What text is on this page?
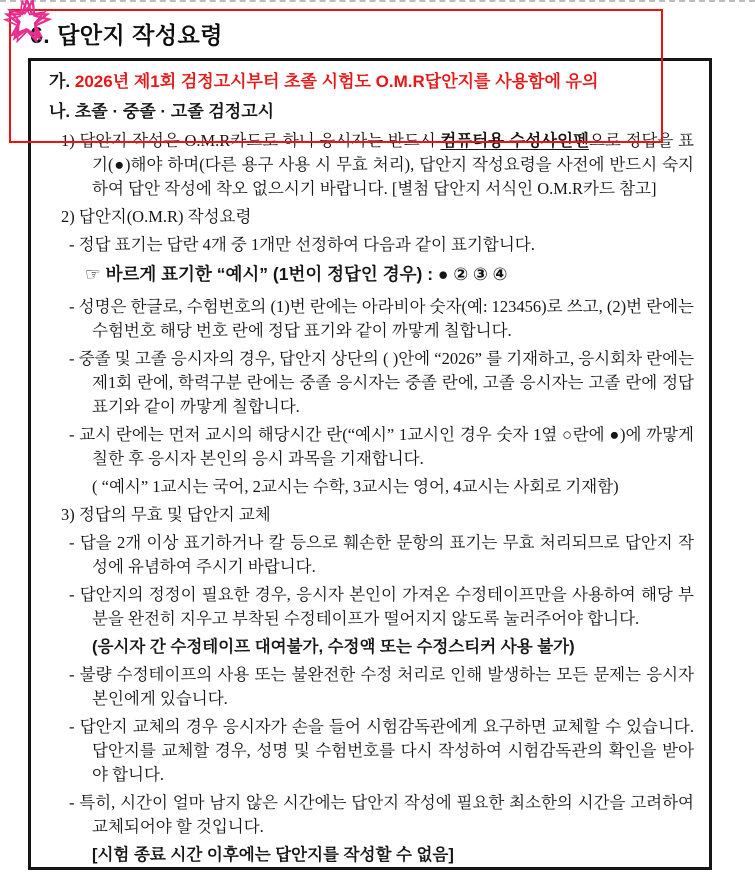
6. 답안지 작성요령
가. 2026년 제1회 검정고시부터 초졸 시험도 O.M.R답안지를 사용함에 유의
나. 초졸 · 중졸 · 고졸 검정고시
1) 답안지 작성은 O.M.R카드로 하니 응시자는 반드시 컴퓨터용 수성사인펜으로 정답을 표기(●)해야 하며(다른 용구 사용 시 무효 처리), 답안지 작성요령을 사전에 반드시 숙지하여 답안 작성에 착오 없으시기 바랍니다. [별첨 답안지 서식인 O.M.R카드 참고]
2) 답안지(O.M.R) 작성요령
- 정답 표기는 답란 4개 중 1개만 선정하여 다음과 같이 표기합니다.
☞ 바르게 표기한 “예시” (1번이 정답인 경우) : ● ② ③ ④
- 성명은 한글로, 수험번호의 (1)번 란에는 아라비아 숫자(예: 123456)로 쓰고, (2)번 란에는 수험번호 해당 번호 란에 정답 표기와 같이 까맣게 칠합니다.
- 중졸 및 고졸 응시자의 경우, 답안지 상단의 ( )안에 “2026” 를 기재하고, 응시회차 란에는 제1회 란에, 학력구분 란에는 중졸 응시자는 중졸 란에, 고졸 응시자는 고졸 란에 정답표기와 같이 까맣게 칠합니다.
- 교시 란에는 먼저 교시의 해당시간 란(“예시” 1교시인 경우 숫자 1옆 ○란에 ●)에 까맣게 칠한 후 응시자 본인의 응시 과목을 기재합니다.
( “예시” 1교시는 국어, 2교시는 수학, 3교시는 영어, 4교시는 사회로 기재함)
3) 정답의 무효 및 답안지 교체
- 답을 2개 이상 표기하거나 칼 등으로 훼손한 문항의 표기는 무효 처리되므로 답안지 작성에 유념하여 주시기 바랍니다.
- 답안지의 정정이 필요한 경우, 응시자 본인이 가져온 수정테이프만을 사용하여 해당 부분을 완전히 지우고 부착된 수정테이프가 떨어지지 않도록 눌러주어야 합니다.
(응시자 간 수정테이프 대여불가, 수정액 또는 수정스티커 사용 불가)
- 불량 수정테이프의 사용 또는 불완전한 수정 처리로 인해 발생하는 모든 문제는 응시자 본인에게 있습니다.
- 답안지 교체의 경우 응시자가 손을 들어 시험감독관에게 요구하면 교체할 수 있습니다. 답안지를 교체할 경우, 성명 및 수험번호를 다시 작성하여 시험감독관의 확인을 받아야 합니다.
- 특히, 시간이 얼마 남지 않은 시간에는 답안지 작성에 필요한 최소한의 시간을 고려하여 교체되어야 할 것입니다.
[시험 종료 시간 이후에는 답안지를 작성할 수 없음]
